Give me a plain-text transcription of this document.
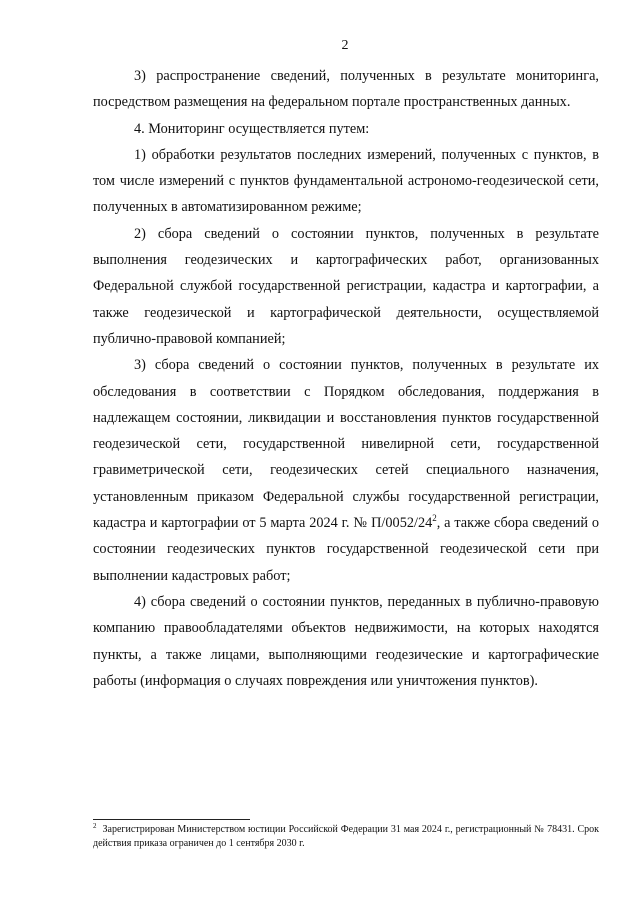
2

3) распространение сведений, полученных в результате мониторинга, посредством размещения на федеральном портале пространственных данных.

4. Мониторинг осуществляется путем:

1) обработки результатов последних измерений, полученных с пунктов, в том числе измерений с пунктов фундаментальной астрономо-геодезической сети, полученных в автоматизированном режиме;

2) сбора сведений о состоянии пунктов, полученных в результате выполнения геодезических и картографических работ, организованных Федеральной службой государственной регистрации, кадастра и картографии, а также геодезической и картографической деятельности, осуществляемой публично-правовой компанией;

3) сбора сведений о состоянии пунктов, полученных в результате их обследования в соответствии с Порядком обследования, поддержания в надлежащем состоянии, ликвидации и восстановления пунктов государственной геодезической сети, государственной нивелирной сети, государственной гравиметрической сети, геодезических сетей специального назначения, установленным приказом Федеральной службы государственной регистрации, кадастра и картографии от 5 марта 2024 г. № $П/0052/24^2$, а также сбора сведений о состоянии геодезических пунктов государственной геодезической сети при выполнении кадастровых работ;

4) сбора сведений о состоянии пунктов, переданных в публично-правовую компанию правообладателями объектов недвижимости, на которых находятся пункты, а также лицами, выполняющими геодезические и картографические работы (информация о случаях повреждения или уничтожения пунктов).

$^2$ Зарегистрирован Министерством юстиции Российской Федерации 31 мая 2024 г., регистрационный № 78431. Срок действия приказа ограничен до 1 сентября 2030 г.
